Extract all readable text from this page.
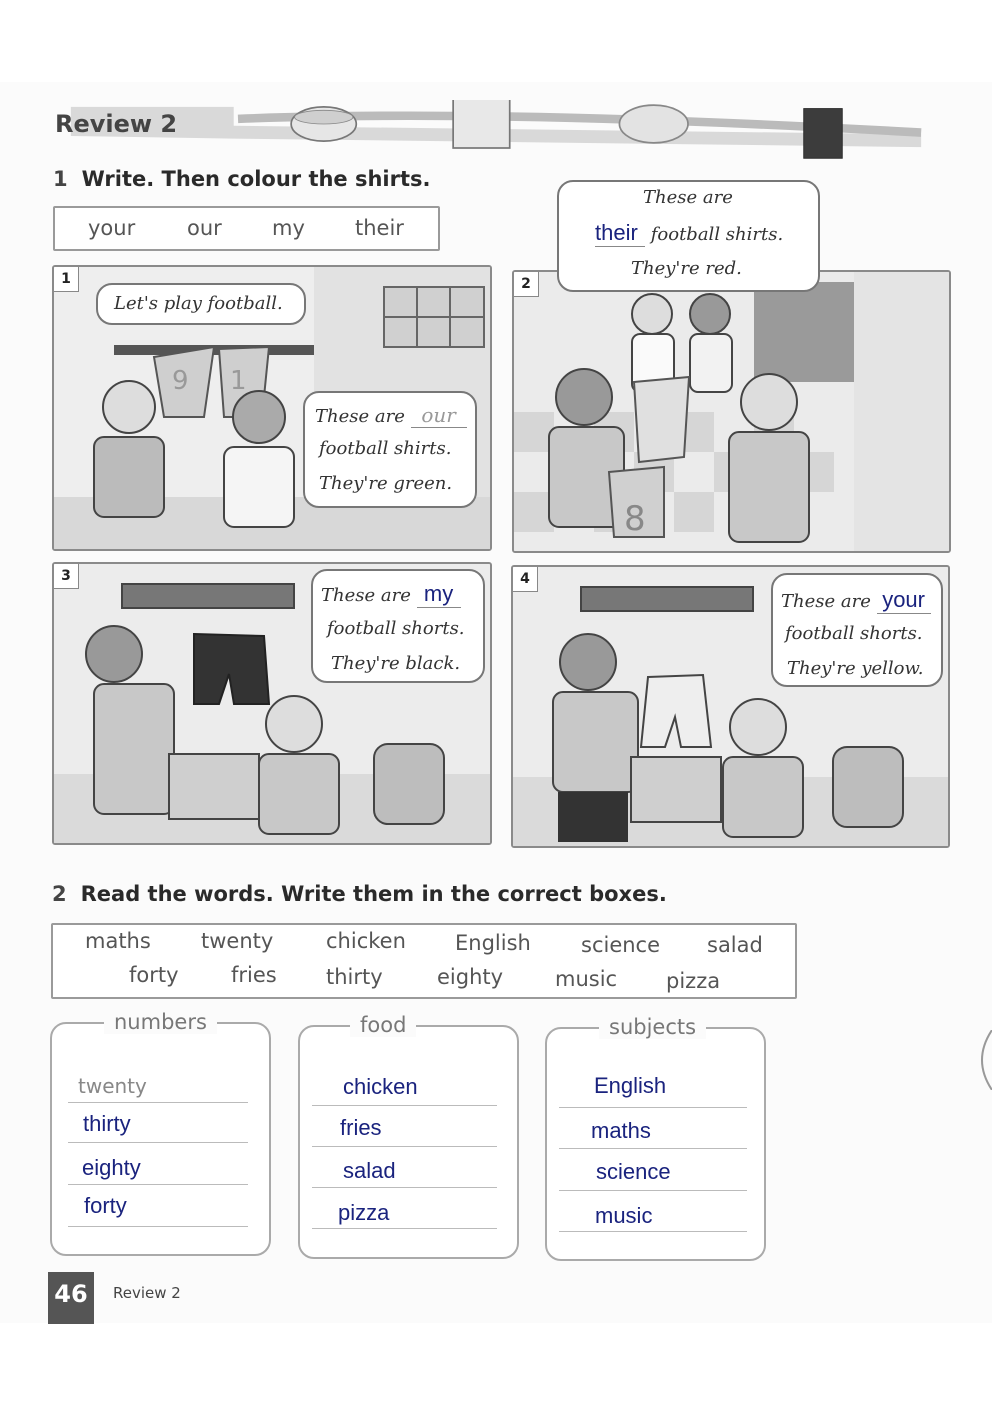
Review 2
1 Write. Then colour the shirts.
your our my their
1
9 1
Let's play football.
These are our
football shirts.
They're green.
2
8
These are
their football shirts.
They're red.
3
These are my
football shorts.
They're black.
4
These are your
football shorts.
They're yellow.
2 Read the words. Write them in the correct boxes.
maths twenty	chicken English science salad
forty fries thirty	eighty music pizza
numbers
twenty
thirty
eighty
forty
food
chicken
fries
salad
pizza
subjects
English
maths
science
music
46	Review 2
